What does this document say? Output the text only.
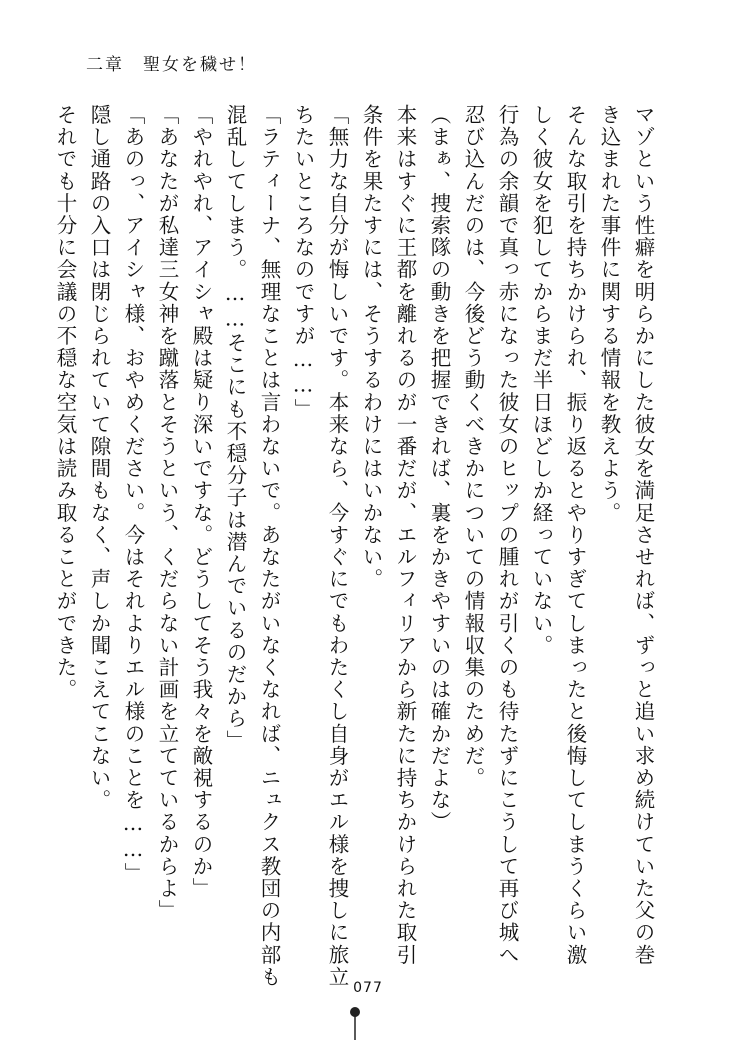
二章　聖女を穢せ！
マゾという性癖を明らかにした彼女を満足させれば、ずっと追い求め続けていた父の巻
き込まれた事件に関する情報を教えよう。
そんな取引を持ちかけられ、振り返るとやりすぎてしまったと後悔してしまうくらい激
しく彼女を犯してからまだ半日ほどしか経っていない。
行為の余韻で真っ赤になった彼女のヒップの腫れが引くのも待たずにこうして再び城へ
忍び込んだのは、今後どう動くべきかについての情報収集のためだ。
（まぁ、捜索隊の動きを把握できれば、裏をかきやすいのは確かだよな）
本来はすぐに王都を離れるのが一番だが、エルフィリアから新たに持ちかけられた取引
条件を果たすには、そうするわけにはいかない。
「無力な自分が悔しいです。本来なら、今すぐにでもわたくし自身がエル様を捜しに旅立
ちたいところなのですが……」
「ラティーナ、無理なことは言わないで。あなたがいなくなれば、ニュクス教団の内部も
混乱してしまう。……そこにも不穏分子は潜んでいるのだから」
「やれやれ、アイシャ殿は疑り深いですな。どうしてそう我々を敵視するのか」
「あなたが私達三女神を蹴落とそうという、くだらない計画を立てているからよ」
「あのっ、アイシャ様、おやめください。今はそれよりエル様のことを……」
隠し通路の入口は閉じられていて隙間もなく、声しか聞こえてこない。
それでも十分に会議の不穏な空気は読み取ることができた。
077
